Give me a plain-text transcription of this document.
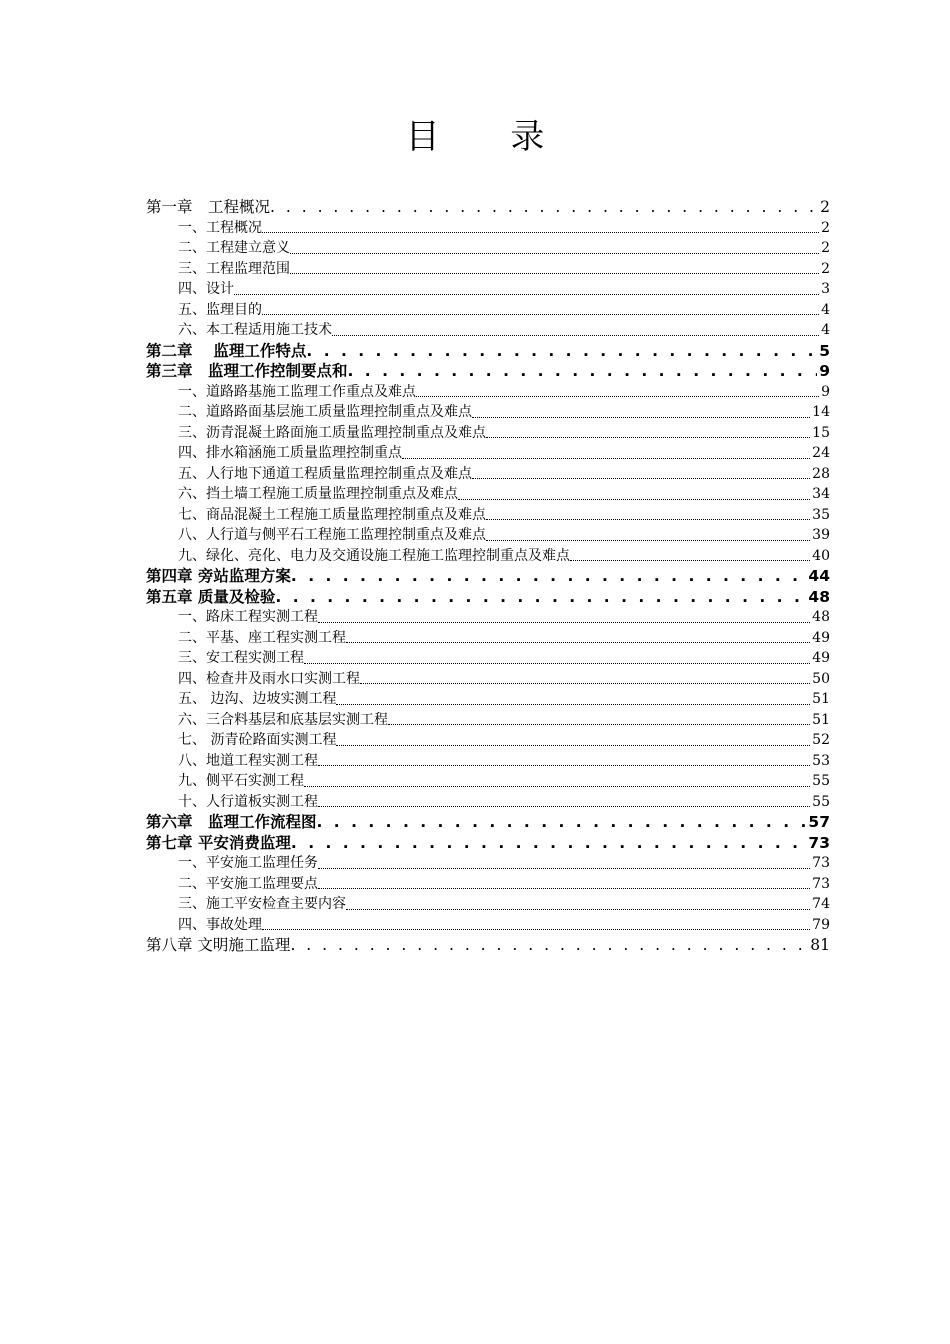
目 录
第一章　工程概况 . . .	2
一、工程概况	2
二、工程建立意义	2
三、工程监理范围	2
四、设计	3
五、监理目的	4
六、本工程适用施工技术	4
第二章　 监理工作特点 . . .	5
第三章　监理工作控制要点和 . . .	9
一、道路路基施工监理工作重点及难点	9
二、道路路面基层施工质量监理控制重点及难点	14
三、沥青混凝土路面施工质量监理控制重点及难点	15
四、排水箱涵施工质量监理控制重点	24
五、人行地下通道工程质量监理控制重点及难点	28
六、挡土墙工程施工质量监理控制重点及难点	34
七、商品混凝土工程施工质量监理控制重点及难点	35
八、人行道与侧平石工程施工监理控制重点及难点	39
九、绿化、亮化、电力及交通设施工程施工监理控制重点及难点	40
第四章 旁站监理方案 . . .	44
第五章 质量及检验 . . .	48
一、路床工程实测工程	48
二、平基、座工程实测工程	49
三、安工程实测工程	49
四、检查井及雨水口实测工程	50
五、 边沟、边坡实测工程	51
六、三合料基层和底基层实测工程	51
七、 沥青砼路面实测工程	52
八、地道工程实测工程	53
九、侧平石实测工程	55
十、人行道板实测工程	55
第六章　监理工作流程图 . . .	57
第七章 平安消费监理 . . .	73
一、平安施工监理任务	73
二、平安施工监理要点	73
三、施工平安检查主要内容	74
四、事故处理	79
第八章 文明施工监理 . . .	81
